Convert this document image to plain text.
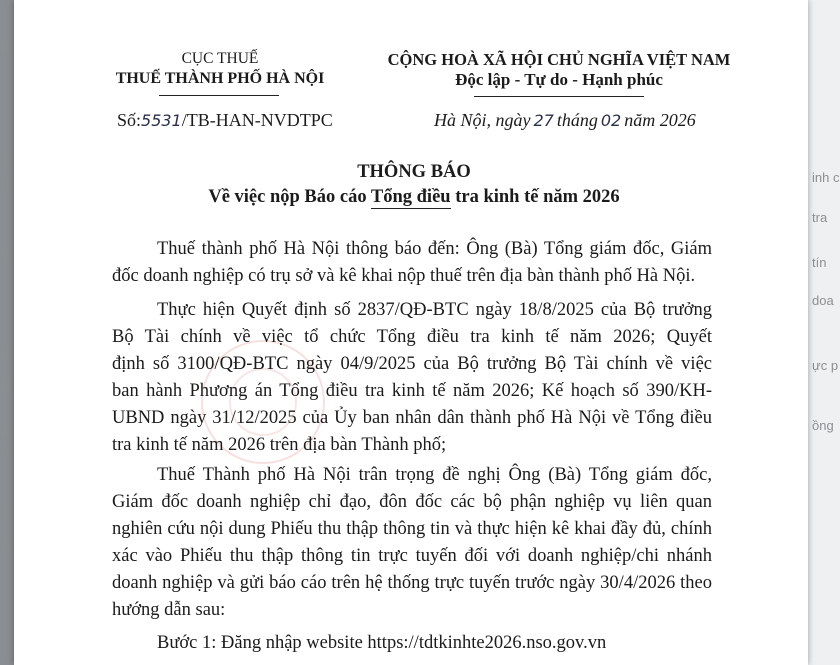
e
s
n
e
y
N
ả
o
s
P
inh c
tra
tín
doa
ực p
ồng
CỤC THUẾ
THUẾ THÀNH PHỐ HÀ NỘI
CỘNG HOÀ XÃ HỘI CHỦ NGHĨA VIỆT NAM
Độc lập - Tự do - Hạnh phúc
Số:5531/TB-HAN-NVDTPC	Hà Nội, ngày 27 tháng 02 năm 2026
THÔNG BÁO
Về việc nộp Báo cáo Tổng điều tra kinh tế năm 2026
Thuế thành phố Hà Nội thông báo đến: Ông (Bà) Tổng giám đốc, Giám
đốc doanh nghiệp có trụ sở và kê khai nộp thuế trên địa bàn thành phố Hà Nội.
Thực hiện Quyết định số 2837/QĐ-BTC ngày 18/8/2025 của Bộ trưởng
Bộ Tài chính về việc tổ chức Tổng điều tra kinh tế năm 2026; Quyết
định số 3100/QĐ-BTC ngày 04/9/2025 của Bộ trưởng Bộ Tài chính về việc
ban hành Phương án Tổng điều tra kinh tế năm 2026; Kế hoạch số 390/KH-
UBND ngày 31/12/2025 của Ủy ban nhân dân thành phố Hà Nội về Tổng điều
tra kinh tế năm 2026 trên địa bàn Thành phố;
Thuế Thành phố Hà Nội trân trọng đề nghị Ông (Bà) Tổng giám đốc,
Giám đốc doanh nghiệp chỉ đạo, đôn đốc các bộ phận nghiệp vụ liên quan
nghiên cứu nội dung Phiếu thu thập thông tin và thực hiện kê khai đầy đủ, chính
xác vào Phiếu thu thập thông tin trực tuyến đối với doanh nghiệp/chi nhánh
doanh nghiệp và gửi báo cáo trên hệ thống trực tuyến trước ngày 30/4/2026 theo
hướng dẫn sau:
Bước 1: Đăng nhập website https://tdtkinhte2026.nso.gov.vn
